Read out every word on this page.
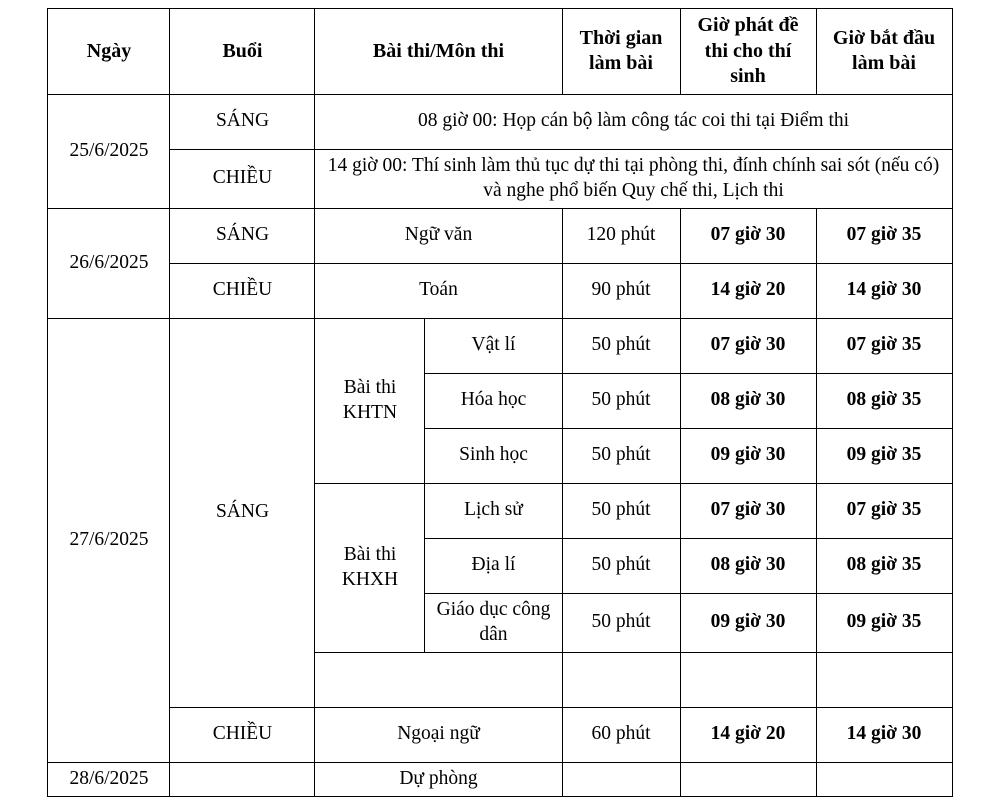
Ngày	Buổi	Bài thi/Môn thi		Thời gian làm bài	Giờ phát đề thi cho thí sinh	Giờ bắt đầu làm bài
25/6/2025	SÁNG	08 giờ 00: Họp cán bộ làm công tác coi thi tại Điểm thi				
	CHIỀU	14 giờ 00: Thí sinh làm thủ tục dự thi tại phòng thi, đính chính sai sót (nếu có) và nghe phổ biến Quy chế thi, Lịch thi				
26/6/2025	SÁNG	Ngữ văn		120 phút	07 giờ 30	07 giờ 35
	CHIỀU	Toán		90 phút	14 giờ 20	14 giờ 30
27/6/2025	SÁNG	Bài thi KHTN	Vật lí	50 phút	07 giờ 30	07 giờ 35
			Hóa học	50 phút	08 giờ 30	08 giờ 35
			Sinh học	50 phút	09 giờ 30	09 giờ 35
		Bài thi KHXH	Lịch sử	50 phút	07 giờ 30	07 giờ 35
			Địa lí	50 phút	08 giờ 30	08 giờ 35
			Giáo dục công dân	50 phút	09 giờ 30	09 giờ 35

	CHIỀU	Ngoại ngữ		60 phút	14 giờ 20	14 giờ 30
28/6/2025		Dự phòng				
